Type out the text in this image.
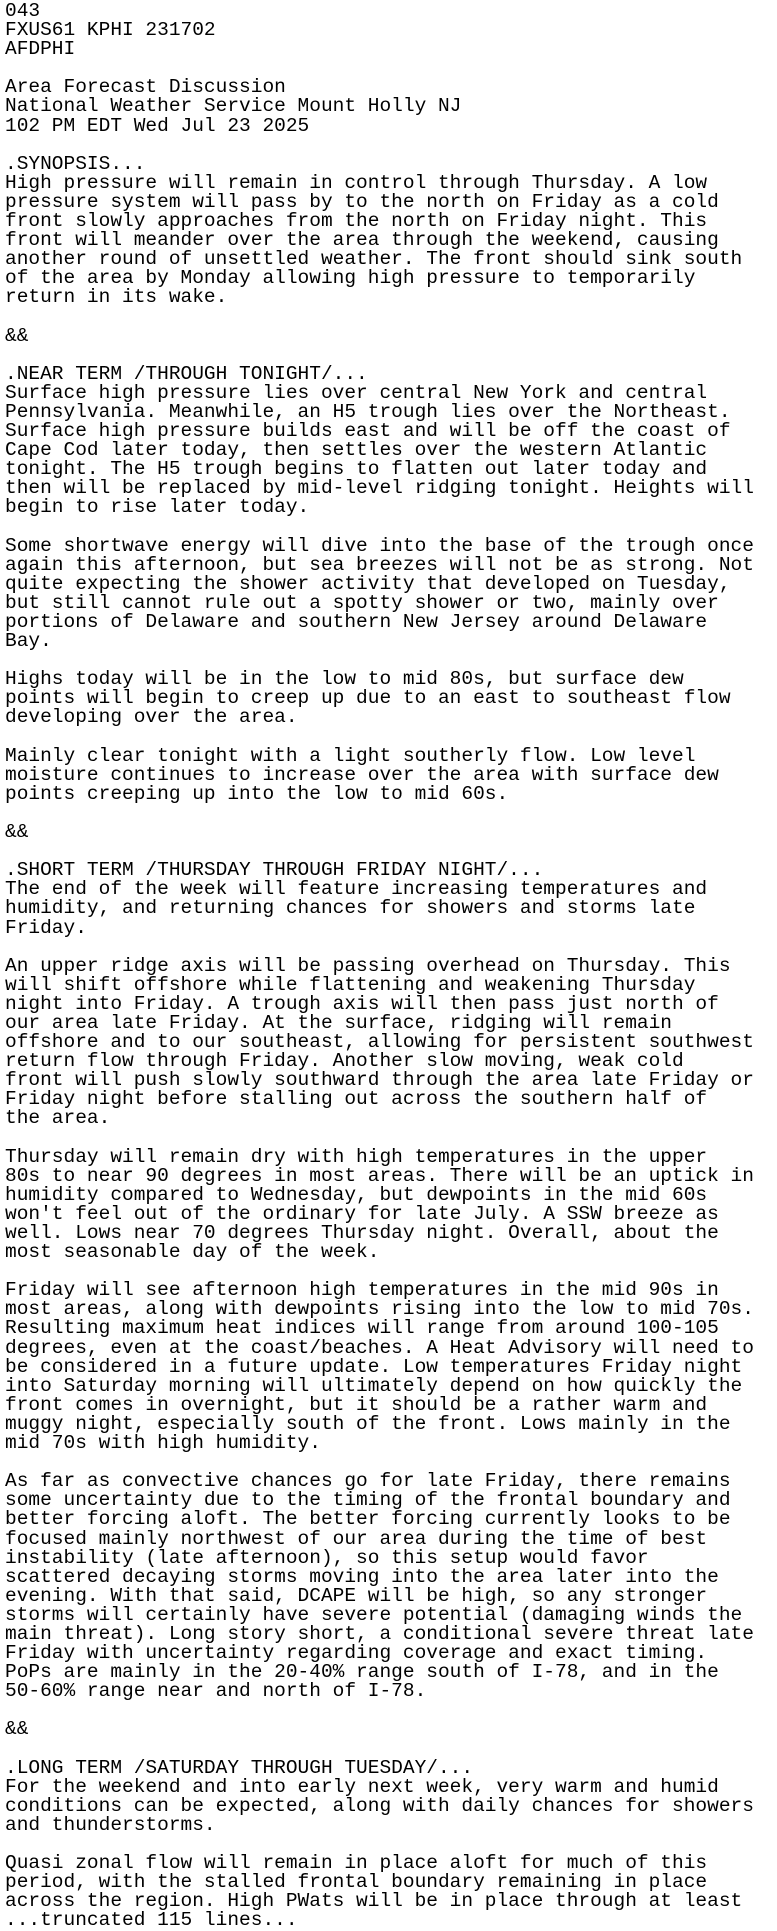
043
FXUS61 KPHI 231702
AFDPHI

Area Forecast Discussion
National Weather Service Mount Holly NJ
102 PM EDT Wed Jul 23 2025

.SYNOPSIS...
High pressure will remain in control through Thursday. A low
pressure system will pass by to the north on Friday as a cold
front slowly approaches from the north on Friday night. This
front will meander over the area through the weekend, causing
another round of unsettled weather. The front should sink south
of the area by Monday allowing high pressure to temporarily
return in its wake.

&&

.NEAR TERM /THROUGH TONIGHT/...
Surface high pressure lies over central New York and central
Pennsylvania. Meanwhile, an H5 trough lies over the Northeast.
Surface high pressure builds east and will be off the coast of
Cape Cod later today, then settles over the western Atlantic
tonight. The H5 trough begins to flatten out later today and
then will be replaced by mid-level ridging tonight. Heights will
begin to rise later today.

Some shortwave energy will dive into the base of the trough once
again this afternoon, but sea breezes will not be as strong. Not
quite expecting the shower activity that developed on Tuesday,
but still cannot rule out a spotty shower or two, mainly over
portions of Delaware and southern New Jersey around Delaware
Bay.

Highs today will be in the low to mid 80s, but surface dew
points will begin to creep up due to an east to southeast flow
developing over the area.

Mainly clear tonight with a light southerly flow. Low level
moisture continues to increase over the area with surface dew
points creeping up into the low to mid 60s.

&&

.SHORT TERM /THURSDAY THROUGH FRIDAY NIGHT/...
The end of the week will feature increasing temperatures and
humidity, and returning chances for showers and storms late
Friday.

An upper ridge axis will be passing overhead on Thursday. This
will shift offshore while flattening and weakening Thursday
night into Friday. A trough axis will then pass just north of
our area late Friday. At the surface, ridging will remain
offshore and to our southeast, allowing for persistent southwest
return flow through Friday. Another slow moving, weak cold
front will push slowly southward through the area late Friday or
Friday night before stalling out across the southern half of
the area.

Thursday will remain dry with high temperatures in the upper
80s to near 90 degrees in most areas. There will be an uptick in
humidity compared to Wednesday, but dewpoints in the mid 60s
won't feel out of the ordinary for late July. A SSW breeze as
well. Lows near 70 degrees Thursday night. Overall, about the
most seasonable day of the week.

Friday will see afternoon high temperatures in the mid 90s in
most areas, along with dewpoints rising into the low to mid 70s.
Resulting maximum heat indices will range from around 100-105
degrees, even at the coast/beaches. A Heat Advisory will need to
be considered in a future update. Low temperatures Friday night
into Saturday morning will ultimately depend on how quickly the
front comes in overnight, but it should be a rather warm and
muggy night, especially south of the front. Lows mainly in the
mid 70s with high humidity.

As far as convective chances go for late Friday, there remains
some uncertainty due to the timing of the frontal boundary and
better forcing aloft. The better forcing currently looks to be
focused mainly northwest of our area during the time of best
instability (late afternoon), so this setup would favor
scattered decaying storms moving into the area later into the
evening. With that said, DCAPE will be high, so any stronger
storms will certainly have severe potential (damaging winds the
main threat). Long story short, a conditional severe threat late
Friday with uncertainty regarding coverage and exact timing.
PoPs are mainly in the 20-40% range south of I-78, and in the
50-60% range near and north of I-78.

&&

.LONG TERM /SATURDAY THROUGH TUESDAY/...
For the weekend and into early next week, very warm and humid
conditions can be expected, along with daily chances for showers
and thunderstorms.

Quasi zonal flow will remain in place aloft for much of this
period, with the stalled frontal boundary remaining in place
across the region. High PWats will be in place through at least
...truncated 115 lines...
